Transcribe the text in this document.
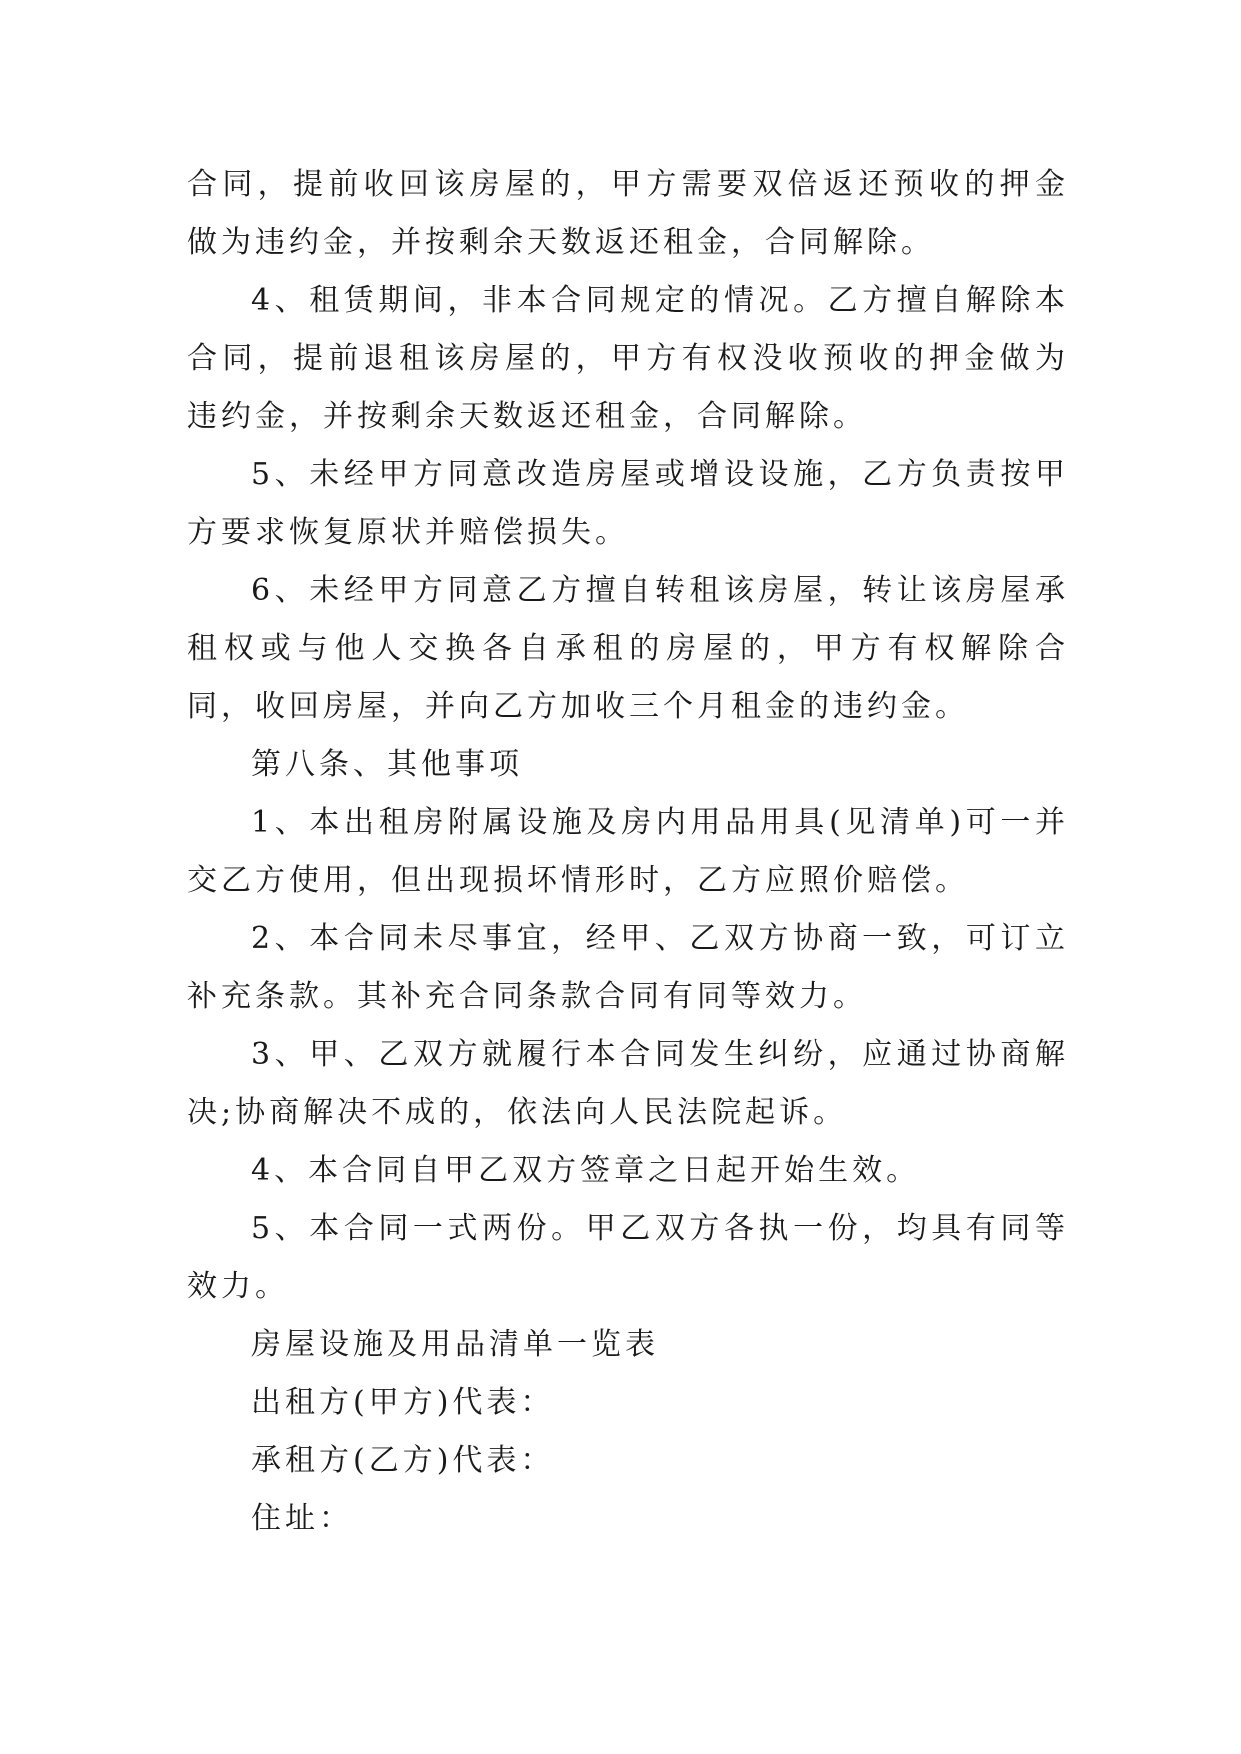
合同，提前收回该房屋的，甲方需要双倍返还预收的押金做为违约金，并按剩余天数返还租金，合同解除。

4、租赁期间，非本合同规定的情况。乙方擅自解除本合同，提前退租该房屋的，甲方有权没收预收的押金做为违约金，并按剩余天数返还租金，合同解除。

5、未经甲方同意改造房屋或增设设施，乙方负责按甲方要求恢复原状并赔偿损失。

6、未经甲方同意乙方擅自转租该房屋，转让该房屋承租权或与他人交换各自承租的房屋的，甲方有权解除合同，收回房屋，并向乙方加收三个月租金的违约金。

第八条、其他事项

1、本出租房附属设施及房内用品用具(见清单)可一并交乙方使用，但出现损坏情形时，乙方应照价赔偿。

2、本合同未尽事宜，经甲、乙双方协商一致，可订立补充条款。其补充合同条款合同有同等效力。

3、甲、乙双方就履行本合同发生纠纷，应通过协商解决;协商解决不成的，依法向人民法院起诉。

4、本合同自甲乙双方签章之日起开始生效。

5、本合同一式两份。甲乙双方各执一份，均具有同等效力。

房屋设施及用品清单一览表

出租方(甲方)代表：

承租方(乙方)代表：

住址：
